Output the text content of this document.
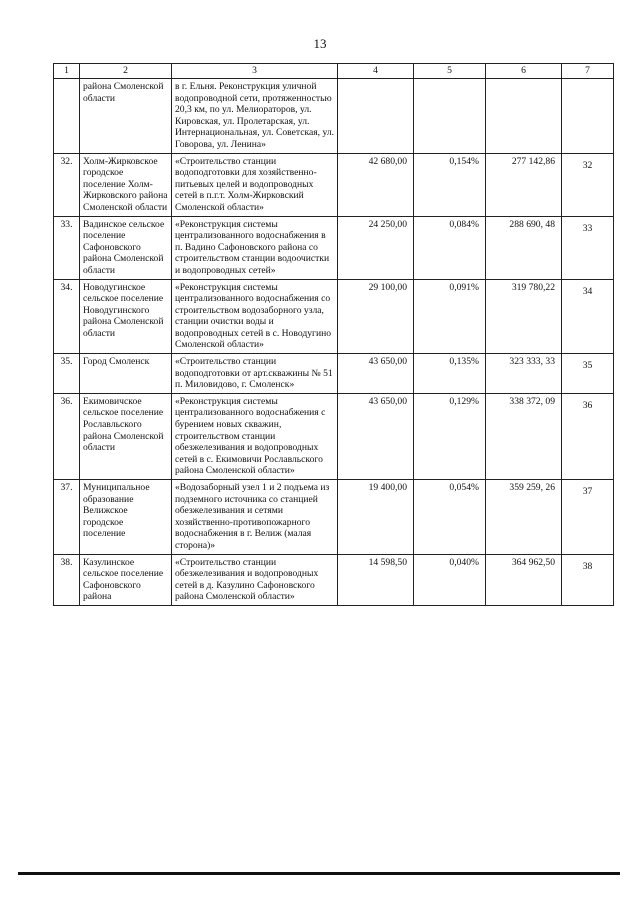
13
1	2	3	4	5	6	7
	района Смоленской области	в г. Ельня. Реконструкция уличной водопроводной сети, протяженностью 20,3 км, по ул. Мелиораторов, ул. Кировская, ул. Пролетарская, ул. Интернациональная, ул. Советская, ул. Говорова, ул. Ленина»				

32.	Холм-Жирковское городское поселение Холм-Жирковского района Смоленской области	«Строительство станции водоподготовки для хозяйственно-питьевых целей и водопроводных сетей в п.г.т. Холм-Жирковский Смоленской области»	42 680,00	0,154%	277 142,86	32

33.	Вадинское сельское поселение Сафоновского района Смоленской области	«Реконструкция системы централизованного водоснабжения в п. Вадино Сафоновского района со строительством станции водоочистки и водопроводных сетей»	24 250,00	0,084%	288 690, 48	33

34.	Новодугинское сельское поселение Новодугинского района Смоленской области	«Реконструкция системы централизованного водоснабжения со строительством водозаборного узла, станции очистки воды и водопроводных сетей в с. Новодугино Смоленской области»	29 100,00	0,091%	319 780,22	34

35.	Город Смоленск	«Строительство станции водоподготовки от арт.скважины № 51 п. Миловидово, г. Смоленск»	43 650,00	0,135%	323 333, 33	35

36.	Екимовичское сельское поселение Рославльского района Смоленской области	«Реконструкция системы централизованного водоснабжения с бурением новых скважин, строительством станции обезжелезивания и водопроводных сетей в с. Екимовичи Рославльского района Смоленской области»	43 650,00	0,129%	338 372, 09	36

37.	Муниципальное образование Велижское городское поселение	«Водозаборный узел 1 и 2 подъема из подземного источника со станцией обезжелезивания и сетями хозяйственно-противопожарного водоснабжения в г. Велиж (малая сторона)»	19 400,00	0,054%	359 259, 26	37

38.	Казулинское сельское поселение Сафоновского района	«Строительство станции обезжелезивания и водопроводных сетей в д. Казулино Сафоновского района Смоленской области»	14 598,50	0,040%	364 962,50	38
